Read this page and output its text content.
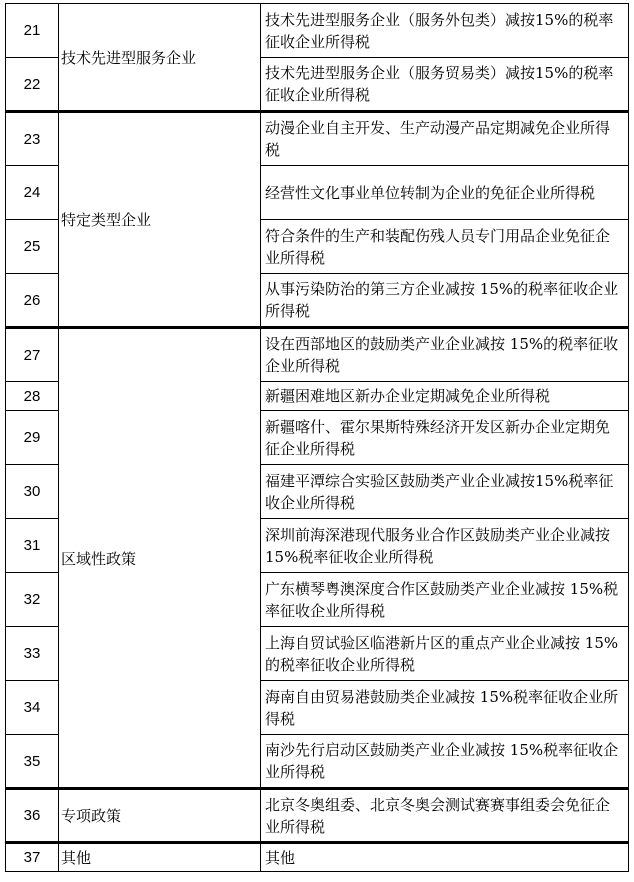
21	技术先进型服务企业	技术先进型服务企业（服务外包类）减按15%的税率征收企业所得税
22		技术先进型服务企业（服务贸易类）减按15%的税率征收企业所得税
23	特定类型企业	动漫企业自主开发、生产动漫产品定期减免企业所得税
24		经营性文化事业单位转制为企业的免征企业所得税
25		符合条件的生产和装配伤残人员专门用品企业免征企业所得税
26		从事污染防治的第三方企业减按 15%的税率征收企业所得税
27	区域性政策	设在西部地区的鼓励类产业企业减按 15%的税率征收企业所得税
28		新疆困难地区新办企业定期减免企业所得税
29		新疆喀什、霍尔果斯特殊经济开发区新办企业定期免征企业所得税
30		福建平潭综合实验区鼓励类产业企业减按15%税率征收企业所得税
31		深圳前海深港现代服务业合作区鼓励类产业企业减按 15%税率征收企业所得税
32		广东横琴粤澳深度合作区鼓励类产业企业减按 15%税率征收企业所得税
33		上海自贸试验区临港新片区的重点产业企业减按 15%的税率征收企业所得税
34		海南自由贸易港鼓励类企业减按 15%税率征收企业所得税
35		南沙先行启动区鼓励类产业企业减按 15%税率征收企业所得税
36	专项政策	北京冬奥组委、北京冬奥会测试赛赛事组委会免征企业所得税
37	其他	其他
